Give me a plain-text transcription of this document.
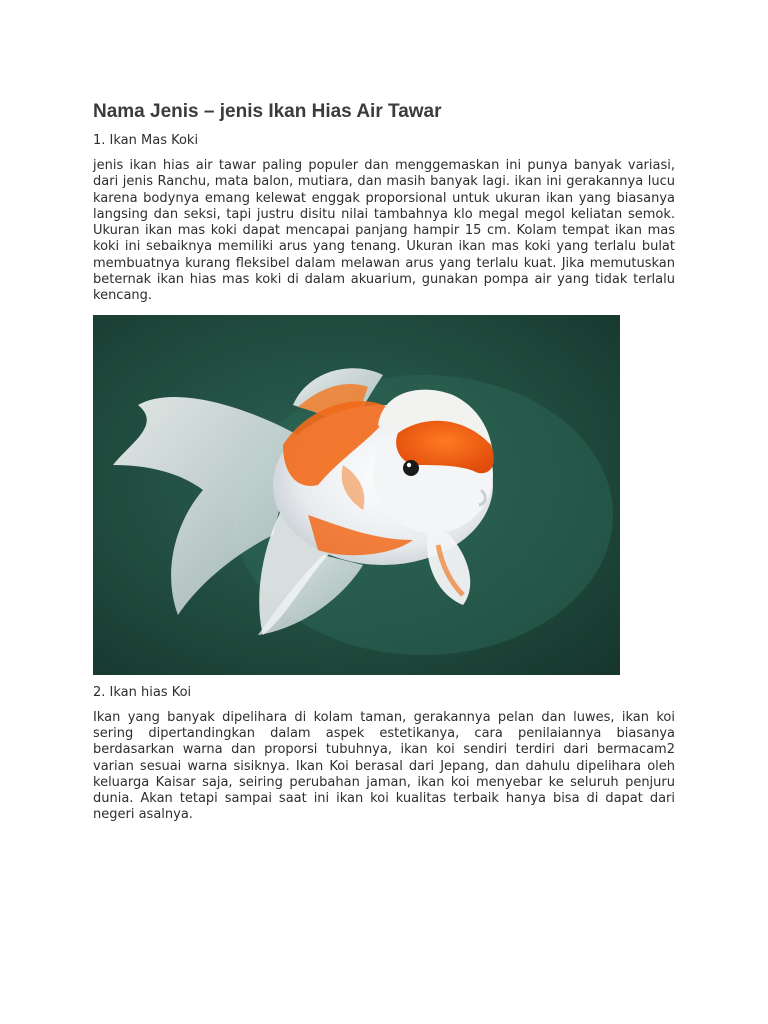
Nama Jenis – jenis Ikan Hias Air Tawar
1. Ikan Mas Koki

jenis ikan hias air tawar paling populer dan menggemaskan ini punya banyak variasi, dari jenis Ranchu, mata balon, mutiara, dan masih banyak lagi. ikan ini gerakannya lucu karena bodynya emang kelewat enggak proporsional untuk ukuran ikan yang biasanya langsing dan seksi, tapi justru disitu nilai tambahnya klo megal megol keliatan semok. Ukuran ikan mas koki dapat mencapai panjang hampir 15 cm. Kolam tempat ikan mas koki ini sebaiknya memiliki arus yang tenang. Ukuran ikan mas koki yang terlalu bulat membuatnya kurang fleksibel dalam melawan arus yang terlalu kuat. Jika memutuskan beternak ikan hias mas koki di dalam akuarium, gunakan pompa air yang tidak terlalu kencang.

2. Ikan hias Koi

Ikan yang banyak dipelihara di kolam taman, gerakannya pelan dan luwes, ikan koi sering dipertandingkan dalam aspek estetikanya, cara penilaiannya biasanya berdasarkan warna dan proporsi tubuhnya, ikan koi sendiri terdiri dari bermacam2 varian sesuai warna sisiknya. Ikan Koi berasal dari Jepang, dan dahulu dipelihara oleh keluarga Kaisar saja, seiring perubahan jaman, ikan koi menyebar ke seluruh penjuru dunia. Akan tetapi sampai saat ini ikan koi kualitas terbaik hanya bisa di dapat dari negeri asalnya.
